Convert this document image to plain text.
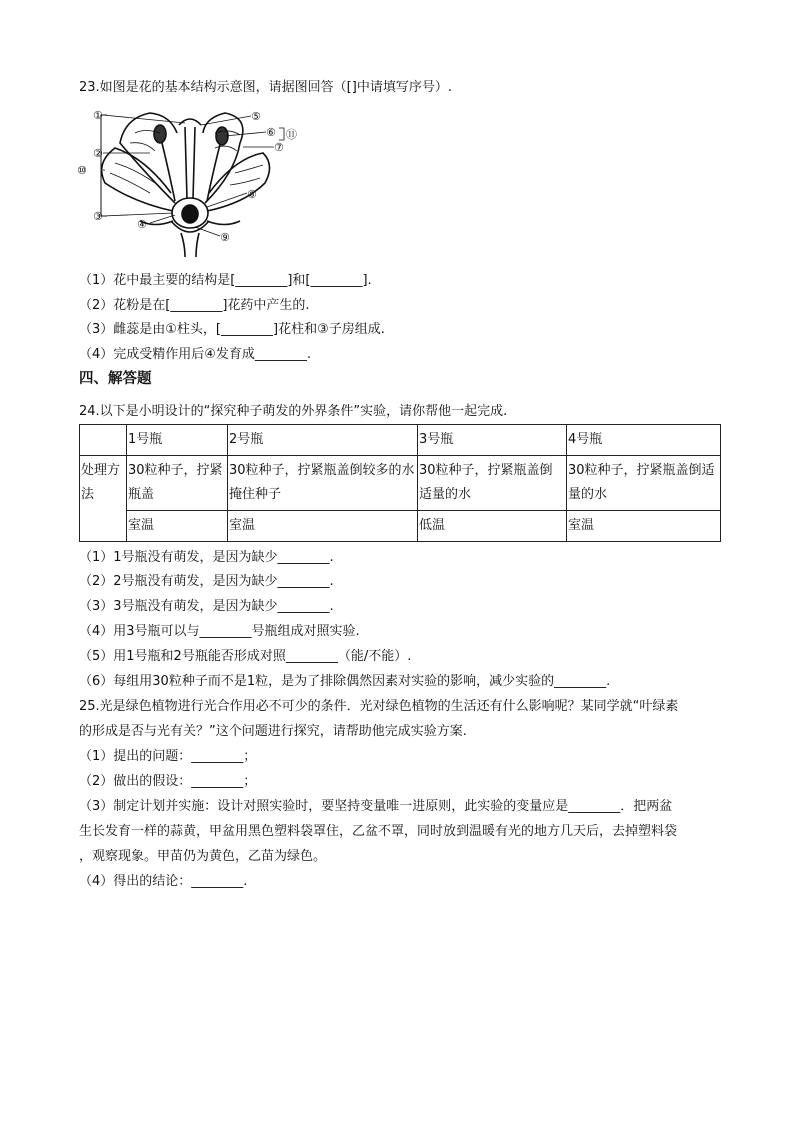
23.如图是花的基本结构示意图，请据图回答（[]中请填写序号）.
①
②
③
④
⑤
⑥
⑦
⑧
⑨
⑩
⑪
（1）花中最主要的结构是[________]和[________].
（2）花粉是在[________]花药中产生的.
（3）雌蕊是由①柱头，[________]花柱和③子房组成.
（4）完成受精作用后④发育成________.
四、解答题
24.以下是小明设计的“探究种子萌发的外界条件”实验，请你帮他一起完成.
	1号瓶	2号瓶	3号瓶	4号瓶
处理方法	30粒种子，拧紧瓶盖	30粒种子，拧紧瓶盖倒较多的水掩住种子	30粒种子，拧紧瓶盖倒适量的水	30粒种子，拧紧瓶盖倒适量的水
	室温	室温	低温	室温
（1）1号瓶没有萌发，是因为缺少________.
（2）2号瓶没有萌发，是因为缺少________.
（3）3号瓶没有萌发，是因为缺少________.
（4）用3号瓶可以与________号瓶组成对照实验.
（5）用1号瓶和2号瓶能否形成对照________（能/不能）.
（6）每组用30粒种子而不是1粒，是为了排除偶然因素对实验的影响，减少实验的________.
25.光是绿色植物进行光合作用必不可少的条件．光对绿色植物的生活还有什么影响呢？某同学就“叶绿素
的形成是否与光有关？”这个问题进行探究，请帮助他完成实验方案.
（1）提出的问题：________；
（2）做出的假设：________；
（3）制定计划并实施：设计对照实验时，要坚持变量唯一进原则，此实验的变量应是________．把两盆
生长发育一样的蒜黄，甲盆用黑色塑料袋罩住，乙盆不罩，同时放到温暖有光的地方几天后，去掉塑料袋
，观察现象。甲苗仍为黄色，乙苗为绿色。
（4）得出的结论：________.
